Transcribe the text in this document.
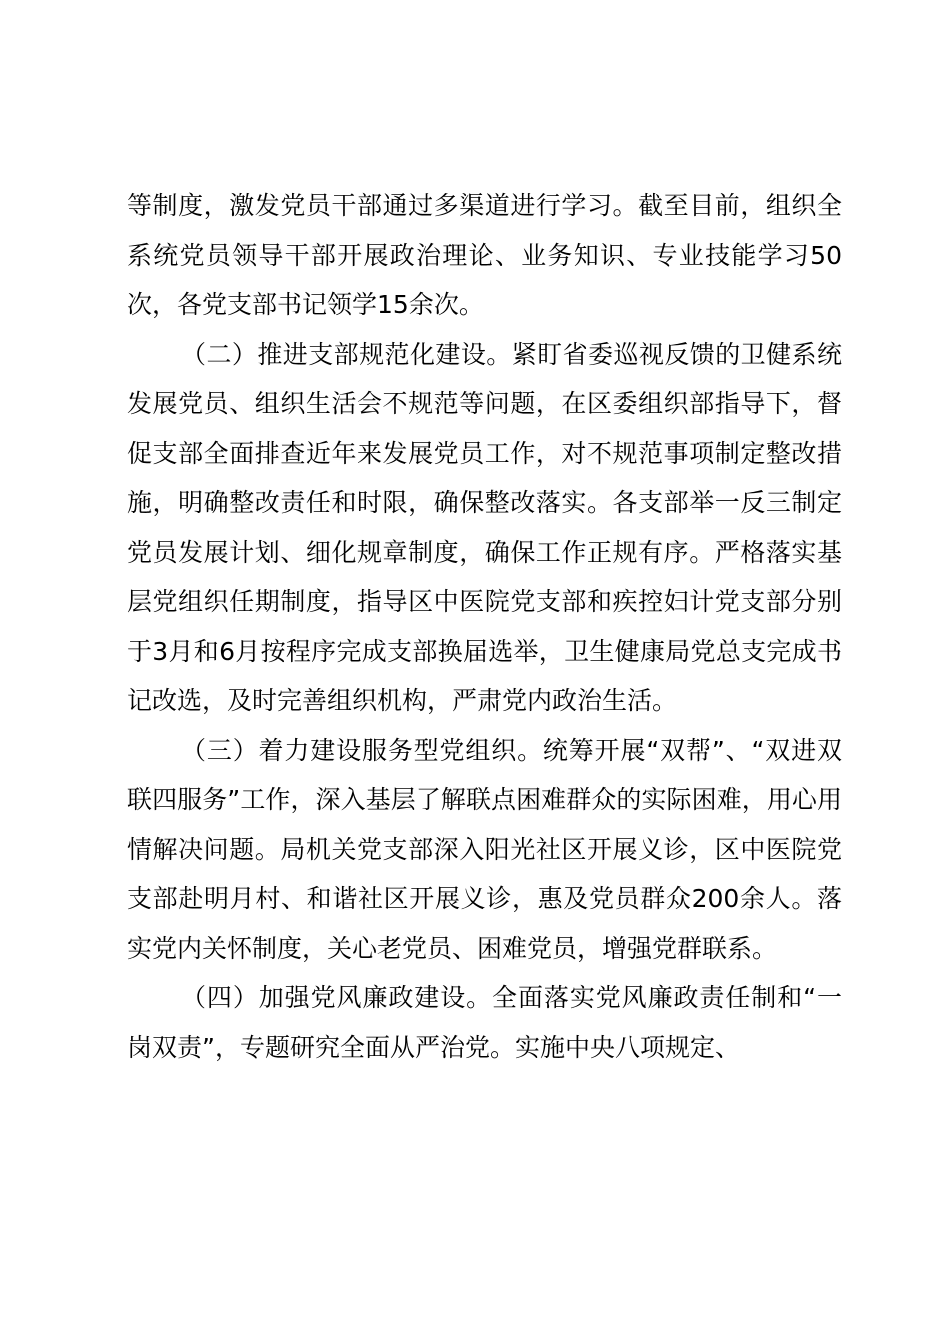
等制度，激发党员干部通过多渠道进行学习。截至目前，组织全系统党员领导干部开展政治理论、业务知识、专业技能学习50次，各党支部书记领学15余次。

（二）推进支部规范化建设。紧盯省委巡视反馈的卫健系统发展党员、组织生活会不规范等问题，在区委组织部指导下，督促支部全面排查近年来发展党员工作，对不规范事项制定整改措施，明确整改责任和时限，确保整改落实。各支部举一反三制定党员发展计划、细化规章制度，确保工作正规有序。严格落实基层党组织任期制度，指导区中医院党支部和疾控妇计党支部分别于3月和6月按程序完成支部换届选举，卫生健康局党总支完成书记改选，及时完善组织机构，严肃党内政治生活。

（三）着力建设服务型党组织。统筹开展“双帮”、“双进双联四服务”工作，深入基层了解联点困难群众的实际困难，用心用情解决问题。局机关党支部深入阳光社区开展义诊，区中医院党支部赴明月村、和谐社区开展义诊，惠及党员群众200余人。落实党内关怀制度，关心老党员、困难党员，增强党群联系。

（四）加强党风廉政建设。全面落实党风廉政责任制和“一岗双责”，专题研究全面从严治党。实施中央八项规定、
